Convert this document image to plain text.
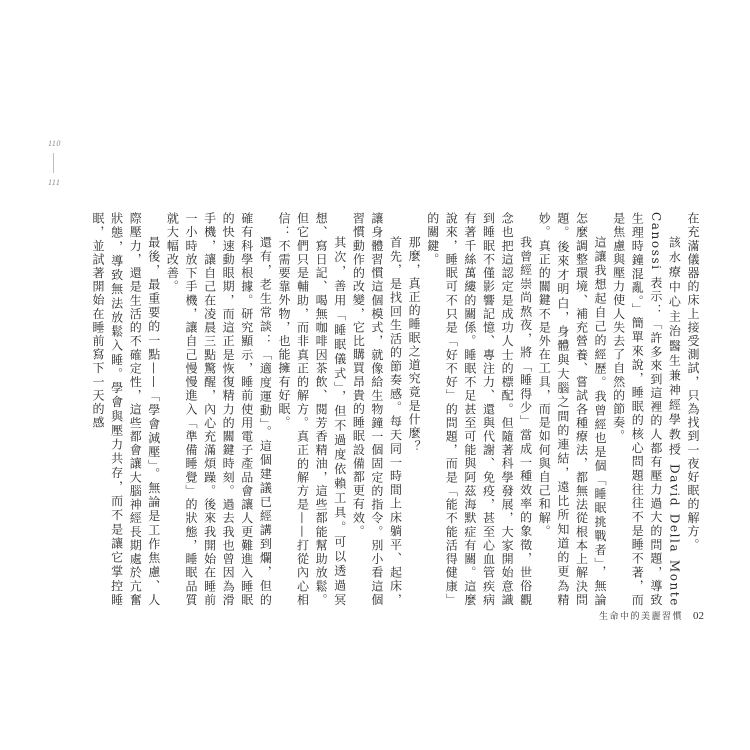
110
111

在充滿儀器的床上接受測試，只為找到一夜好眠的解方。

該水療中心主治醫生兼神經學教授 David Della Monte Canossi 表示：「許多來到這裡的人都有壓力過大的問題，導致生理時鐘混亂。」簡單來說，睡眠的核心問題往往不是睡不著，而是焦慮與壓力使人失去了自然的節奏。

這讓我想起自己的經歷。我曾經也是個「睡眠挑戰者」，無論怎麼調整環境、補充營養、嘗試各種療法，都無法從根本上解決問題。後來才明白，身體與大腦之間的連結，遠比所知道的更為精妙。真正的關鍵不是外在工具，而是如何與自己和解。

我曾經崇尚熬夜，將「睡得少」當成一種效率的象徵，世俗觀念也把這認定是成功人士的標配。但隨著科學發展，大家開始意識到睡眠不僅影響記憶、專注力、還與代謝、免疫，甚至心血管疾病有著千絲萬縷的關係。睡眠不足甚至可能與阿茲海默症有關。這麼說來，睡眠可不只是「好不好」的問題，而是「能不能活得健康」的關鍵。

那麼，真正的睡眠之道究竟是什麼？

首先，是找回生活的節奏感。每天同一時間上床躺平、起床，讓身體習慣這個模式，就像給生物鐘一個固定的指令。別小看這個習慣動作的改變，它比購買昂貴的睡眠設備都更有效。

其次，善用「睡眠儀式」，但不過度依賴工具。可以透過冥想、寫日記、喝無咖啡因茶飲、閱芳香精油，這些都能幫助放鬆。但它們只是輔助，而非真正的解方。真正的解方是——打從內心相信：不需要靠外物，也能擁有好眠。

還有，老生常談：「適度運動」。這個建議已經講到爛，但的確有科學根據。研究顯示，睡前使用電子產品會讓人更難進入睡眠的快速動眼期，而這正是恢復精力的關鍵時刻。過去我也曾因為滑手機，讓自己在凌晨三點驚醒，內心充滿煩躁。後來我開始在睡前一小時放下手機，讓自己慢慢進入「準備睡覺」的狀態，睡眠品質就大幅改善。

最後，最重要的一點——「學會減壓」。無論是工作焦慮、人際壓力，還是生活的不確定性，這些都會讓大腦神經長期處於亢奮狀態，導致無法放鬆入睡。學會與壓力共存，而不是讓它掌控睡眠，並試著開始在睡前寫下一天的感

生命中的美麗習慣 02
